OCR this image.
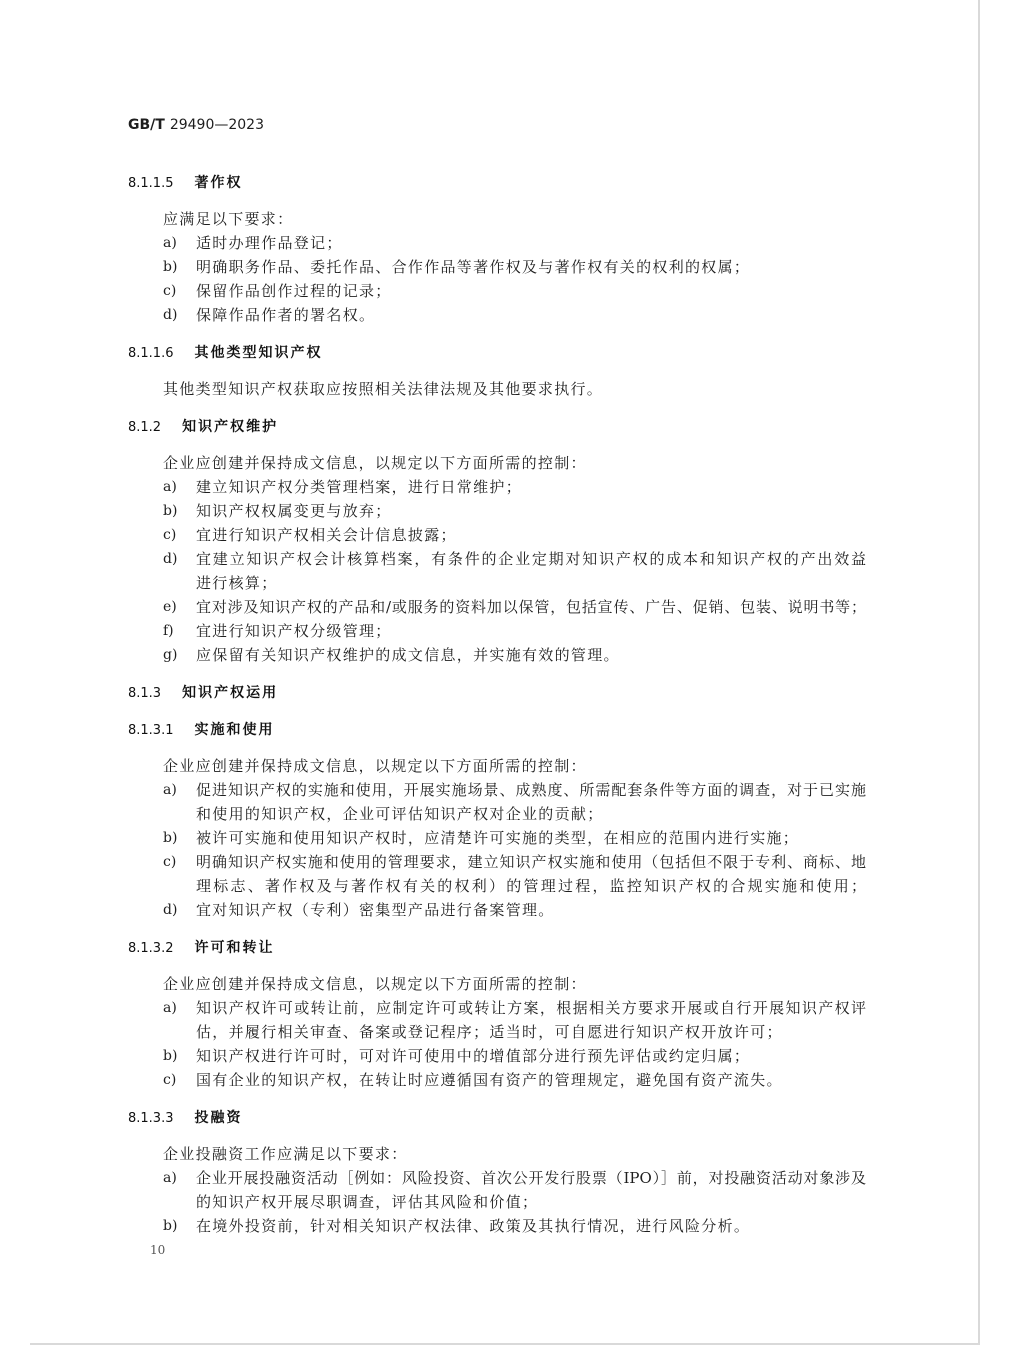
GB/T 29490—2023
8.1.1.5 著作权
应满足以下要求：
a) 适时办理作品登记；
b) 明确职务作品、委托作品、合作作品等著作权及与著作权有关的权利的权属；
c) 保留作品创作过程的记录；
d) 保障作品作者的署名权。
8.1.1.6 其他类型知识产权
其他类型知识产权获取应按照相关法律法规及其他要求执行。
8.1.2 知识产权维护
企业应创建并保持成文信息，以规定以下方面所需的控制：
a) 建立知识产权分类管理档案，进行日常维护；
b) 知识产权权属变更与放弃；
c) 宜进行知识产权相关会计信息披露；
d) 宜建立知识产权会计核算档案，有条件的企业定期对知识产权的成本和知识产权的产出效益
进行核算；
e) 宜对涉及知识产权的产品和/或服务的资料加以保管，包括宣传、广告、促销、包装、说明书等；
f) 宜进行知识产权分级管理；
g) 应保留有关知识产权维护的成文信息，并实施有效的管理。
8.1.3 知识产权运用
8.1.3.1 实施和使用
企业应创建并保持成文信息，以规定以下方面所需的控制：
a) 促进知识产权的实施和使用，开展实施场景、成熟度、所需配套条件等方面的调查，对于已实施
和使用的知识产权，企业可评估知识产权对企业的贡献；
b) 被许可实施和使用知识产权时，应清楚许可实施的类型，在相应的范围内进行实施；
c) 明确知识产权实施和使用的管理要求，建立知识产权实施和使用（包括但不限于专利、商标、地
理标志、著作权及与著作权有关的权利）的管理过程，监控知识产权的合规实施和使用；
d) 宜对知识产权（专利）密集型产品进行备案管理。
8.1.3.2 许可和转让
企业应创建并保持成文信息，以规定以下方面所需的控制：
a) 知识产权许可或转让前，应制定许可或转让方案，根据相关方要求开展或自行开展知识产权评
估，并履行相关审查、备案或登记程序；适当时，可自愿进行知识产权开放许可；
b) 知识产权进行许可时，可对许可使用中的增值部分进行预先评估或约定归属；
c) 国有企业的知识产权，在转让时应遵循国有资产的管理规定，避免国有资产流失。
8.1.3.3 投融资
企业投融资工作应满足以下要求：
a) 企业开展投融资活动［例如：风险投资、首次公开发行股票（IPO）］前，对投融资活动对象涉及
的知识产权开展尽职调查，评估其风险和价值；
b) 在境外投资前，针对相关知识产权法律、政策及其执行情况，进行风险分析。
10
